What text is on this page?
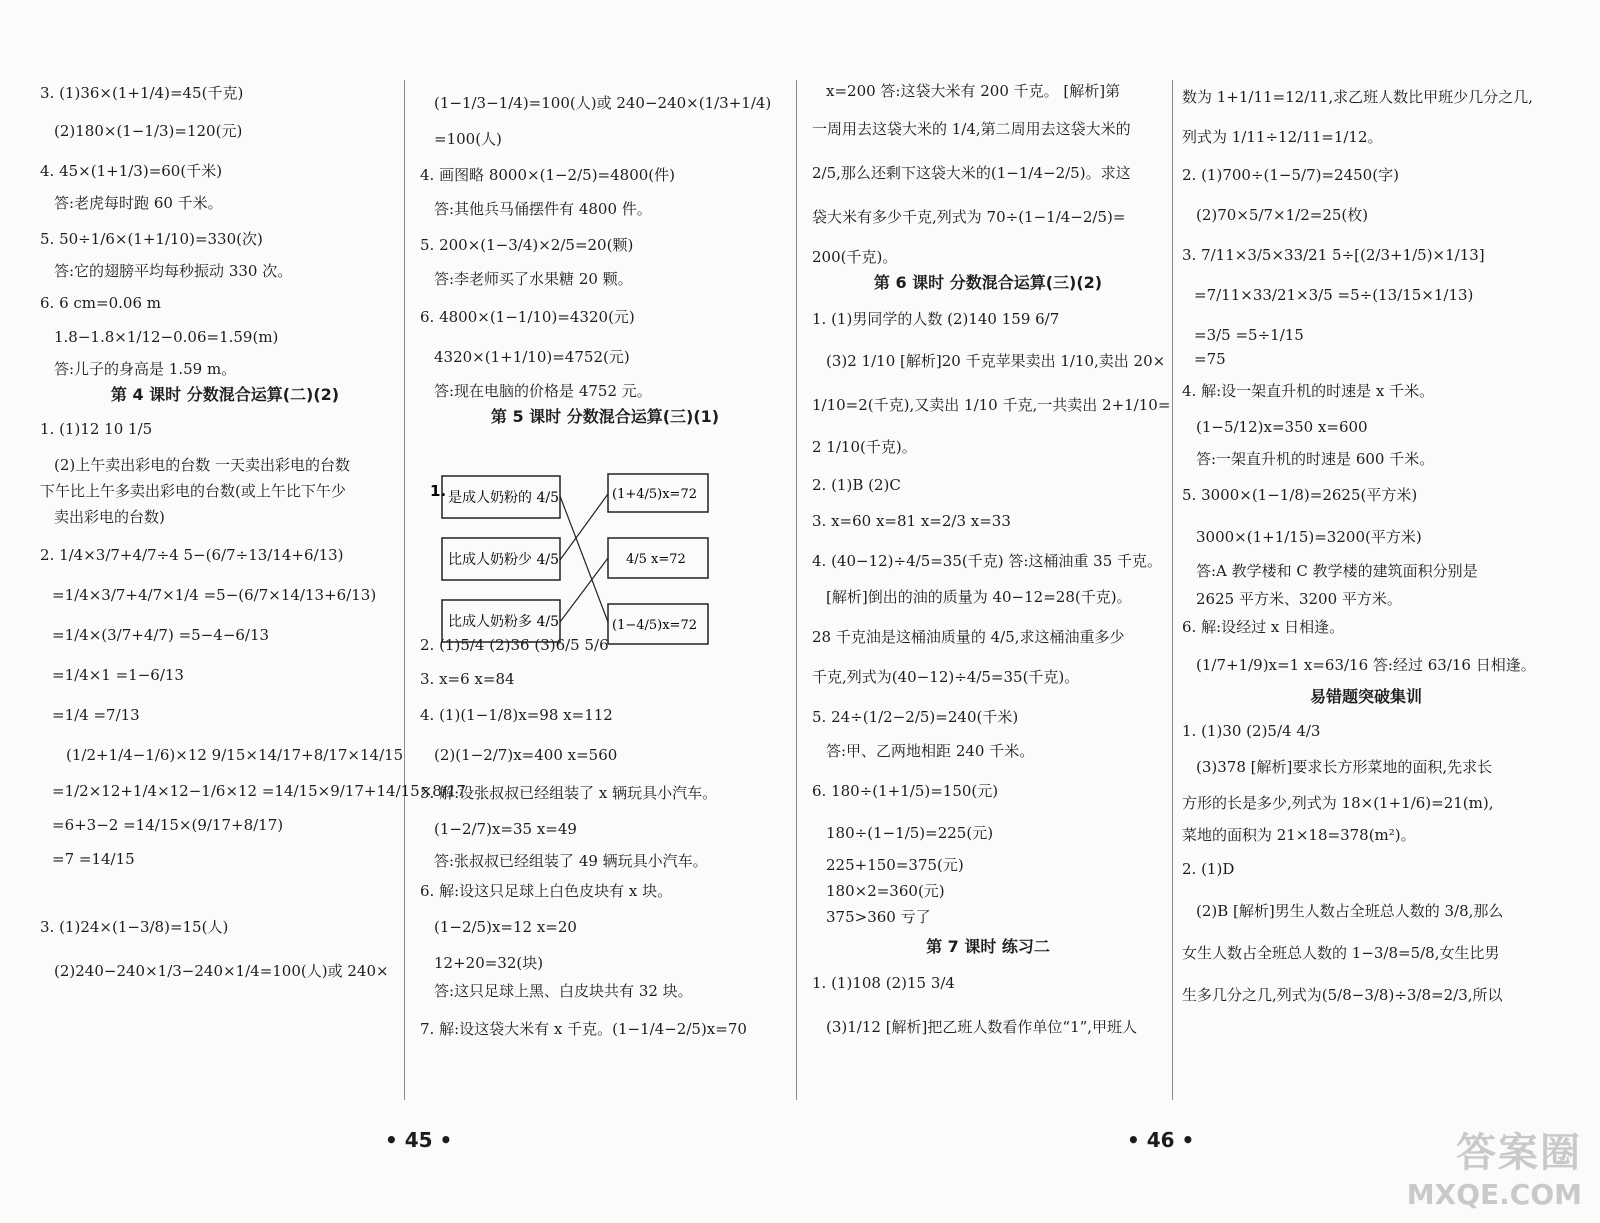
3. (1)36×(1+1/4)=45(千克)

(2)180×(1−1/3)=120(元)

4. 45×(1+1/3)=60(千米)

答:老虎每时跑 60 千米。

5. 50÷1/6×(1+1/10)=330(次)

答:它的翅膀平均每秒振动 330 次。

6. 6 cm=0.06 m

1.8−1.8×1/12−0.06=1.59(m)

答:儿子的身高是 1.59 m。

第 4 课时 分数混合运算(二)(2)

1. (1)12 10 1/5

(2)上午卖出彩电的台数 一天卖出彩电的台数

下午比上午多卖出彩电的台数(或上午比下午少

卖出彩电的台数)

2. 1/4×3/7+4/7÷4 5−(6/7÷13/14+6/13)

=1/4×3/7+4/7×1/4 =5−(6/7×14/13+6/13)

=1/4×(3/7+4/7) =5−4−6/13

=1/4×1 =1−6/13

=1/4 =7/13

(1/2+1/4−1/6)×12 9/15×14/17+8/17×14/15

=1/2×12+1/4×12−1/6×12 =14/15×9/17+14/15×8/17

=6+3−2 =14/15×(9/17+8/17)

=7 =14/15

3. (1)24×(1−3/8)=15(人)

(2)240−240×1/3−240×1/4=100(人)或 240×

(1−1/3−1/4)=100(人)或 240−240×(1/3+1/4)

=100(人)

4. 画图略 8000×(1−2/5)=4800(件)

答:其他兵马俑摆件有 4800 件。

5. 200×(1−3/4)×2/5=20(颗)

答:李老师买了水果糖 20 颗。

6. 4800×(1−1/10)=4320(元)

4320×(1+1/10)=4752(元)

答:现在电脑的价格是 4752 元。

第 5 课时 分数混合运算(三)(1)

2. (1)5/4 (2)36 (3)6/5 5/6

3. x=6 x=84

4. (1)(1−1/8)x=98 x=112

(2)(1−2/7)x=400 x=560

5. 解:设张叔叔已经组装了 x 辆玩具小汽车。

(1−2/7)x=35 x=49

答:张叔叔已经组装了 49 辆玩具小汽车。

6. 解:设这只足球上白色皮块有 x 块。

(1−2/5)x=12 x=20

12+20=32(块)

答:这只足球上黑、白皮块共有 32 块。

7. 解:设这袋大米有 x 千克。(1−1/4−2/5)x=70

1. 是成人奶粉的 4/5
比成人奶粉少 4/5
比成人奶粉多 4/5
(1+4/5)x=72
4/5 x=72
(1−4/5)x=72

x=200 答:这袋大米有 200 千克。 [解析]第

一周用去这袋大米的 1/4,第二周用去这袋大米的

2/5,那么还剩下这袋大米的(1−1/4−2/5)。求这

袋大米有多少千克,列式为 70÷(1−1/4−2/5)=

200(千克)。

第 6 课时 分数混合运算(三)(2)

1. (1)男同学的人数 (2)140 159 6/7

(3)2 1/10 [解析]20 千克苹果卖出 1/10,卖出 20×

1/10=2(千克),又卖出 1/10 千克,一共卖出 2+1/10=

2 1/10(千克)。

2. (1)B (2)C

3. x=60 x=81 x=2/3 x=33

4. (40−12)÷4/5=35(千克) 答:这桶油重 35 千克。

[解析]倒出的油的质量为 40−12=28(千克)。

28 千克油是这桶油质量的 4/5,求这桶油重多少

千克,列式为(40−12)÷4/5=35(千克)。

5. 24÷(1/2−2/5)=240(千米)

答:甲、乙两地相距 240 千米。

6. 180÷(1+1/5)=150(元)

180÷(1−1/5)=225(元)

225+150=375(元)

180×2=360(元)

375>360 亏了

第 7 课时 练习二

1. (1)108 (2)15 3/4

(3)1/12 [解析]把乙班人数看作单位“1”,甲班人

数为 1+1/11=12/11,求乙班人数比甲班少几分之几,

列式为 1/11÷12/11=1/12。

2. (1)700÷(1−5/7)=2450(字)

(2)70×5/7×1/2=25(枚)

3. 7/11×3/5×33/21 5÷[(2/3+1/5)×1/13]

=7/11×33/21×3/5 =5÷(13/15×1/13)

=3/5 =5÷1/15

=75

4. 解:设一架直升机的时速是 x 千米。

(1−5/12)x=350 x=600

答:一架直升机的时速是 600 千米。

5. 3000×(1−1/8)=2625(平方米)

3000×(1+1/15)=3200(平方米)

答:A 教学楼和 C 教学楼的建筑面积分别是

2625 平方米、3200 平方米。

6. 解:设经过 x 日相逢。

(1/7+1/9)x=1 x=63/16 答:经过 63/16 日相逢。

易错题突破集训

1. (1)30 (2)5/4 4/3

(3)378 [解析]要求长方形菜地的面积,先求长

方形的长是多少,列式为 18×(1+1/6)=21(m),

菜地的面积为 21×18=378(m²)。

2. (1)D

(2)B [解析]男生人数占全班总人数的 3/8,那么

女生人数占全班总人数的 1−3/8=5/8,女生比男

生多几分之几,列式为(5/8−3/8)÷3/8=2/3,所以

• 45 •	• 46 •	答案圈
MXQE.COM
